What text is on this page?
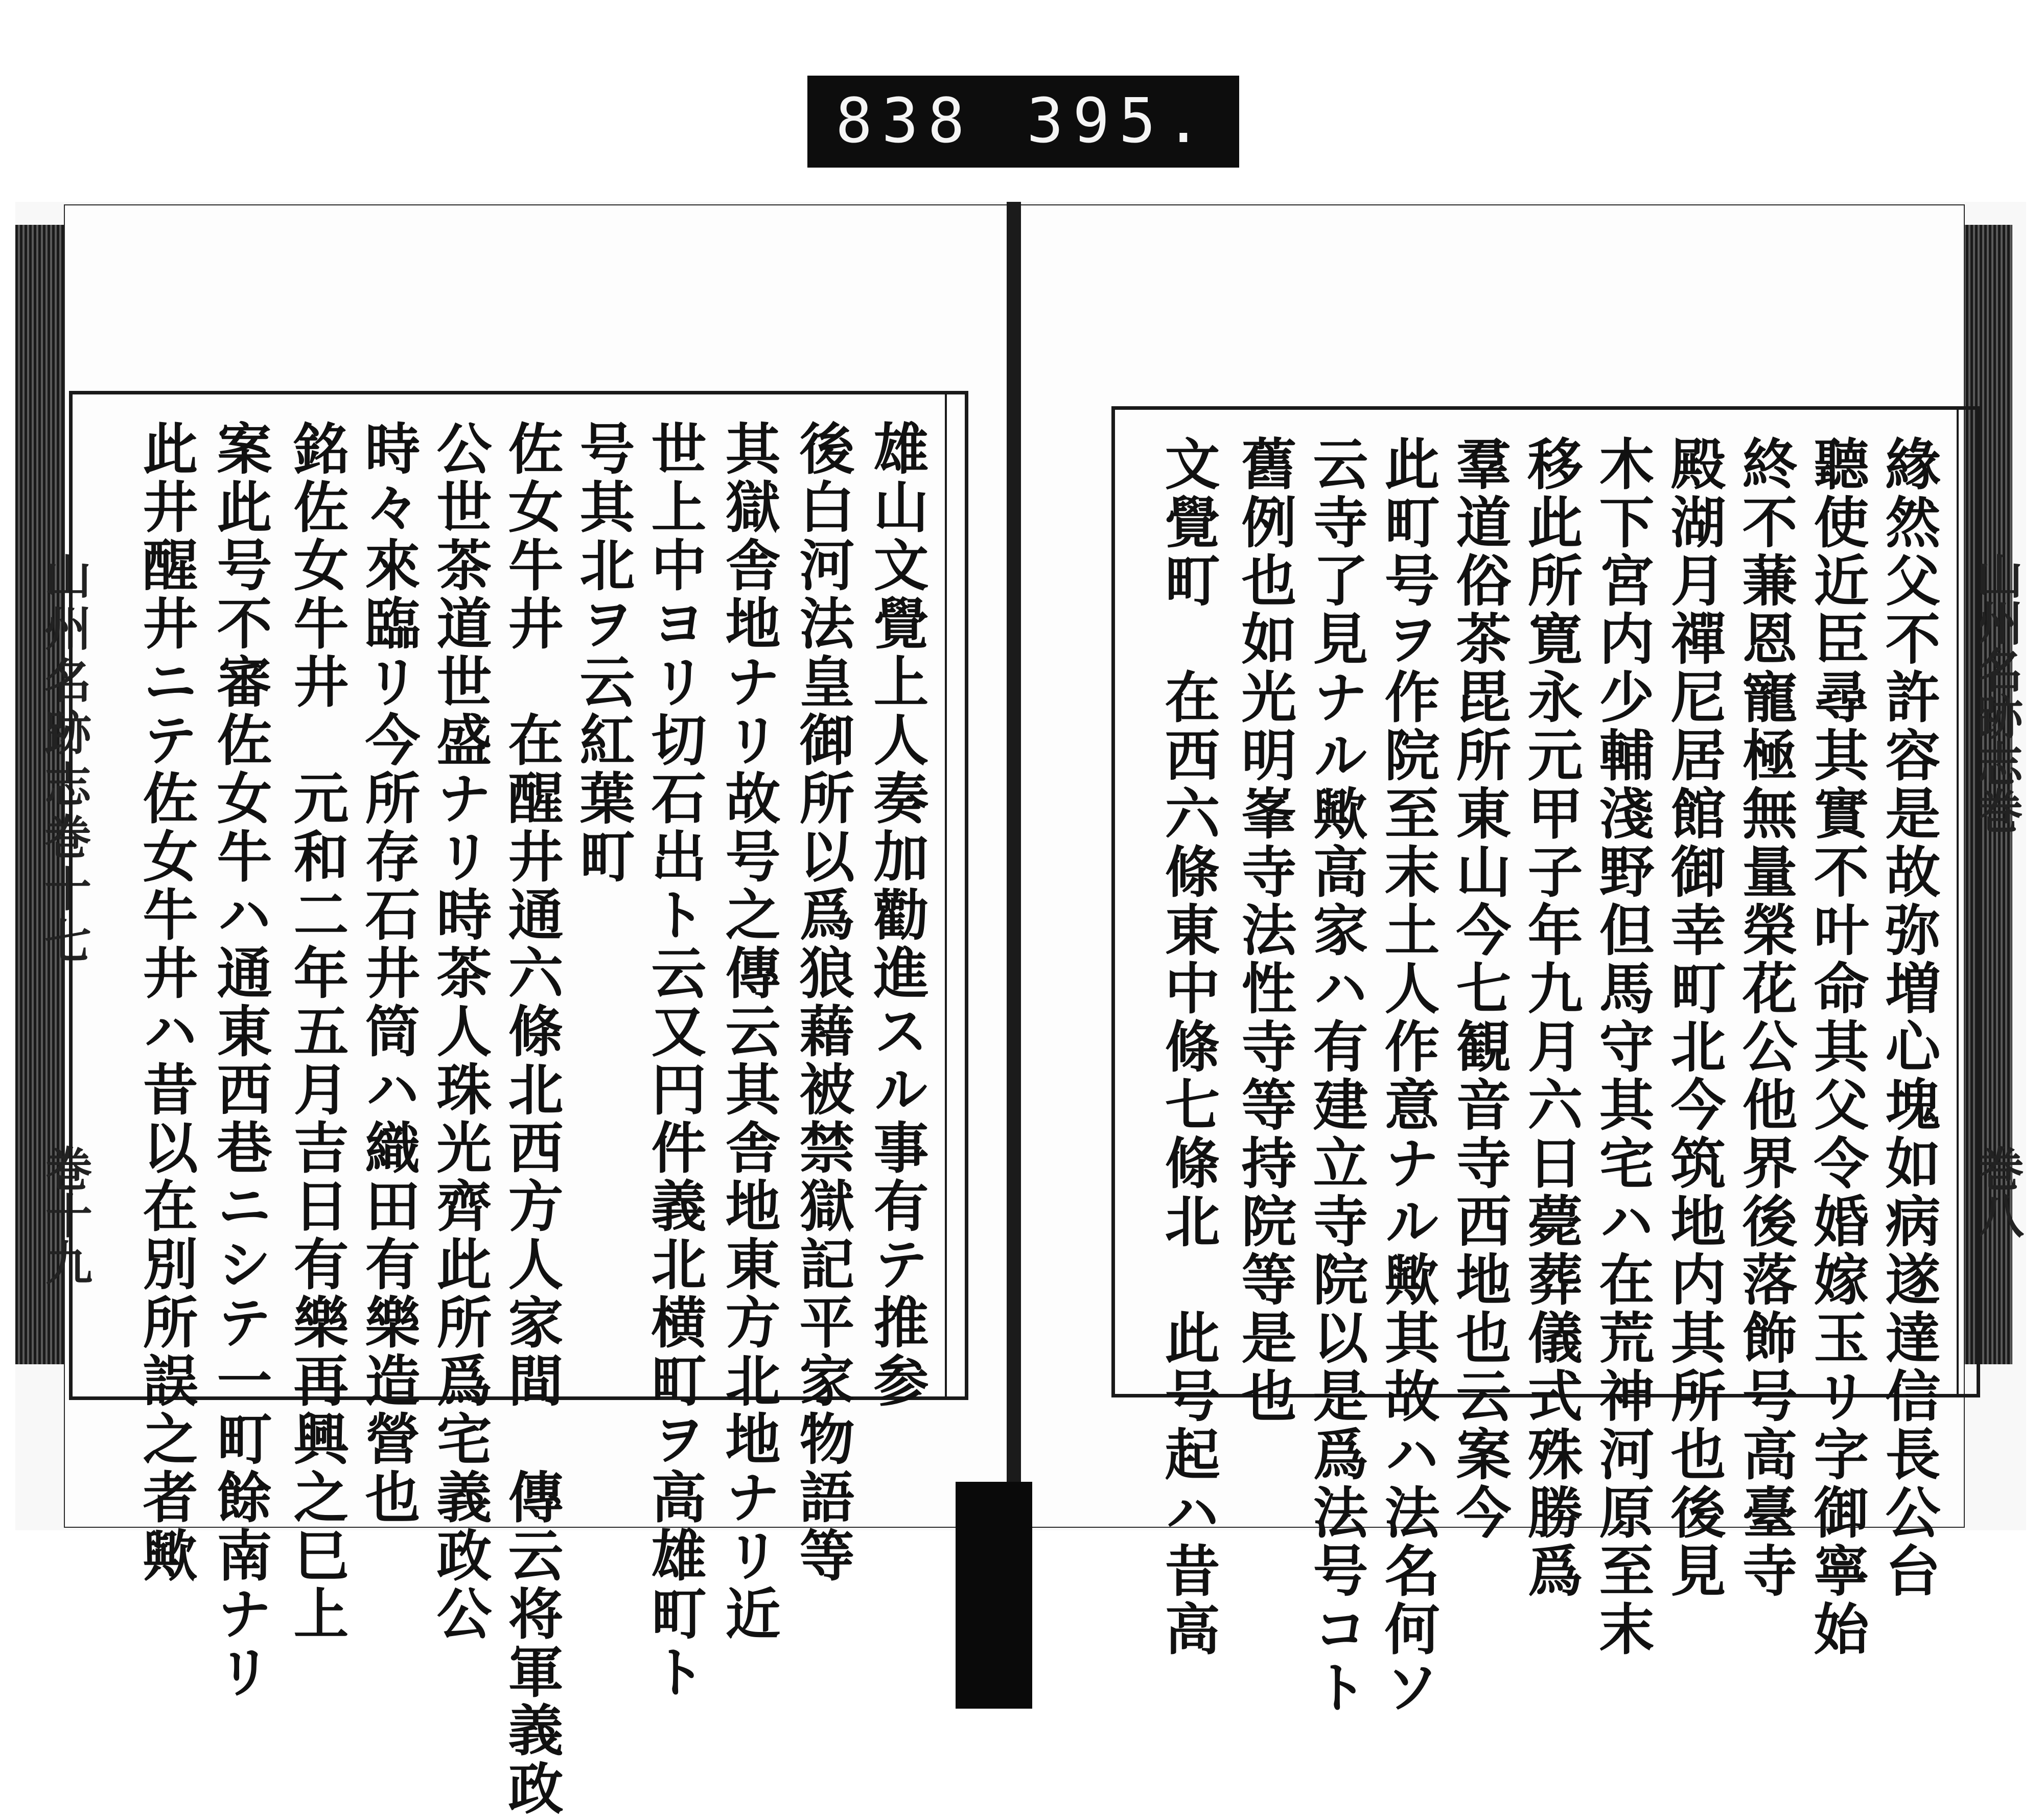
838 395.
山州名跡志巻十七
巻十九
山州名跡志巻
巻八
雄山文覺上人奏加勸進スル事有テ推参
後白河法皇御所以爲狼藉被禁獄記平家物語等
其獄舎地ナリ故号之傳云其舎地東方北地ナリ近
世上中ヨリ切石出ト云又円件義北横町ヲ高雄町ト
号其北ヲ云紅葉町
佐女牛井　在醒井通六條北西方人家間　傳云将軍義政
公世茶道世盛ナリ時茶人珠光齊此所爲宅義政公
時々來臨リ今所存石井筒ハ織田有樂造營也
銘佐女牛井　元和二年五月吉日有樂再興之巳上
案此号不審佐女牛ハ通東西巷ニシテ一町餘南ナリ
此井醒井ニテ佐女牛井ハ昔以在別所誤之者歟	緣然父不許容是故弥増心塊如病遂達信長公台
聽使近臣尋其實不叶命其父令婚嫁玉リ字御寧始
終不蒹恩寵極無量榮花公他界後落飾号高臺寺
殿湖月禪尼居館御幸町北今筑地内其所也後見
木下宮内少輔淺野但馬守其宅ハ在荒神河原至末
移此所寛永元甲子年九月六日薨葬儀式殊勝爲
羣道俗茶毘所東山今七観音寺西地也云案今
此町号ヲ作院至末土人作意ナル歟其故ハ法名何ソ
云寺了見ナル歟高家ハ有建立寺院以是爲法号コト
舊例也如光明峯寺法性寺等持院等是也
文覺町　在西六條東中條七條北　此号起ハ昔高
